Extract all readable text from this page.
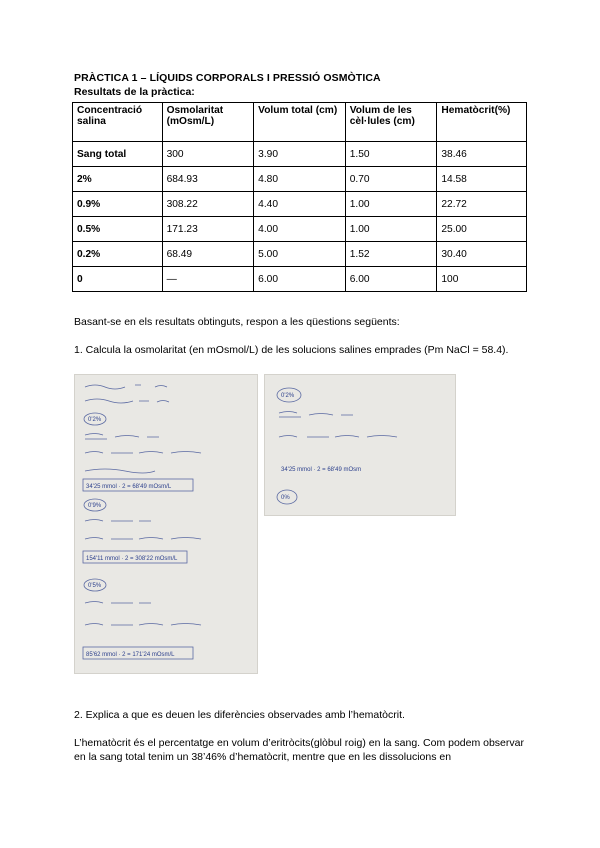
PRÀCTICA 1 – LÍQUIDS CORPORALS I PRESSIÓ OSMÒTICA
Resultats de la pràctica:
Concentració salina	Osmolaritat (mOsm/L)	Volum total (cm)	Volum de les cèl·lules (cm)	Hematòcrit(%)
Sang total	300	3.90	1.50	38.46
2%	684.93	4.80	0.70	14.58
0.9%	308.22	4.40	1.00	22.72
0.5%	171.23	4.00	1.00	25.00
0.2%	68.49	5.00	1.52	30.40
0	—	6.00	6.00	100
Basant-se en els resultats obtinguts, respon a les qüestions següents:
1. Calcula la osmolaritat (en mOsmol/L) de les solucions salines emprades (Pm NaCl = 58.4).
0'2%
34'25 mmol · 2 = 68'49 mOsm/L
0'9%
154'11 mmol · 2 = 308'22 mOsm/L
0'5%
85'62 mmol · 2 = 171'24 mOsm/L
0'2%
34'25 mmol · 2 = 68'49 mOsm
0%
2. Explica a que es deuen les diferències observades amb l’hematòcrit.
L’hematòcrit és el percentatge en volum d’eritròcits(glòbul roig) en la sang. Com podem observar en la sang total tenim un 38’46% d’hematòcrit, mentre que en les dissolucions en
